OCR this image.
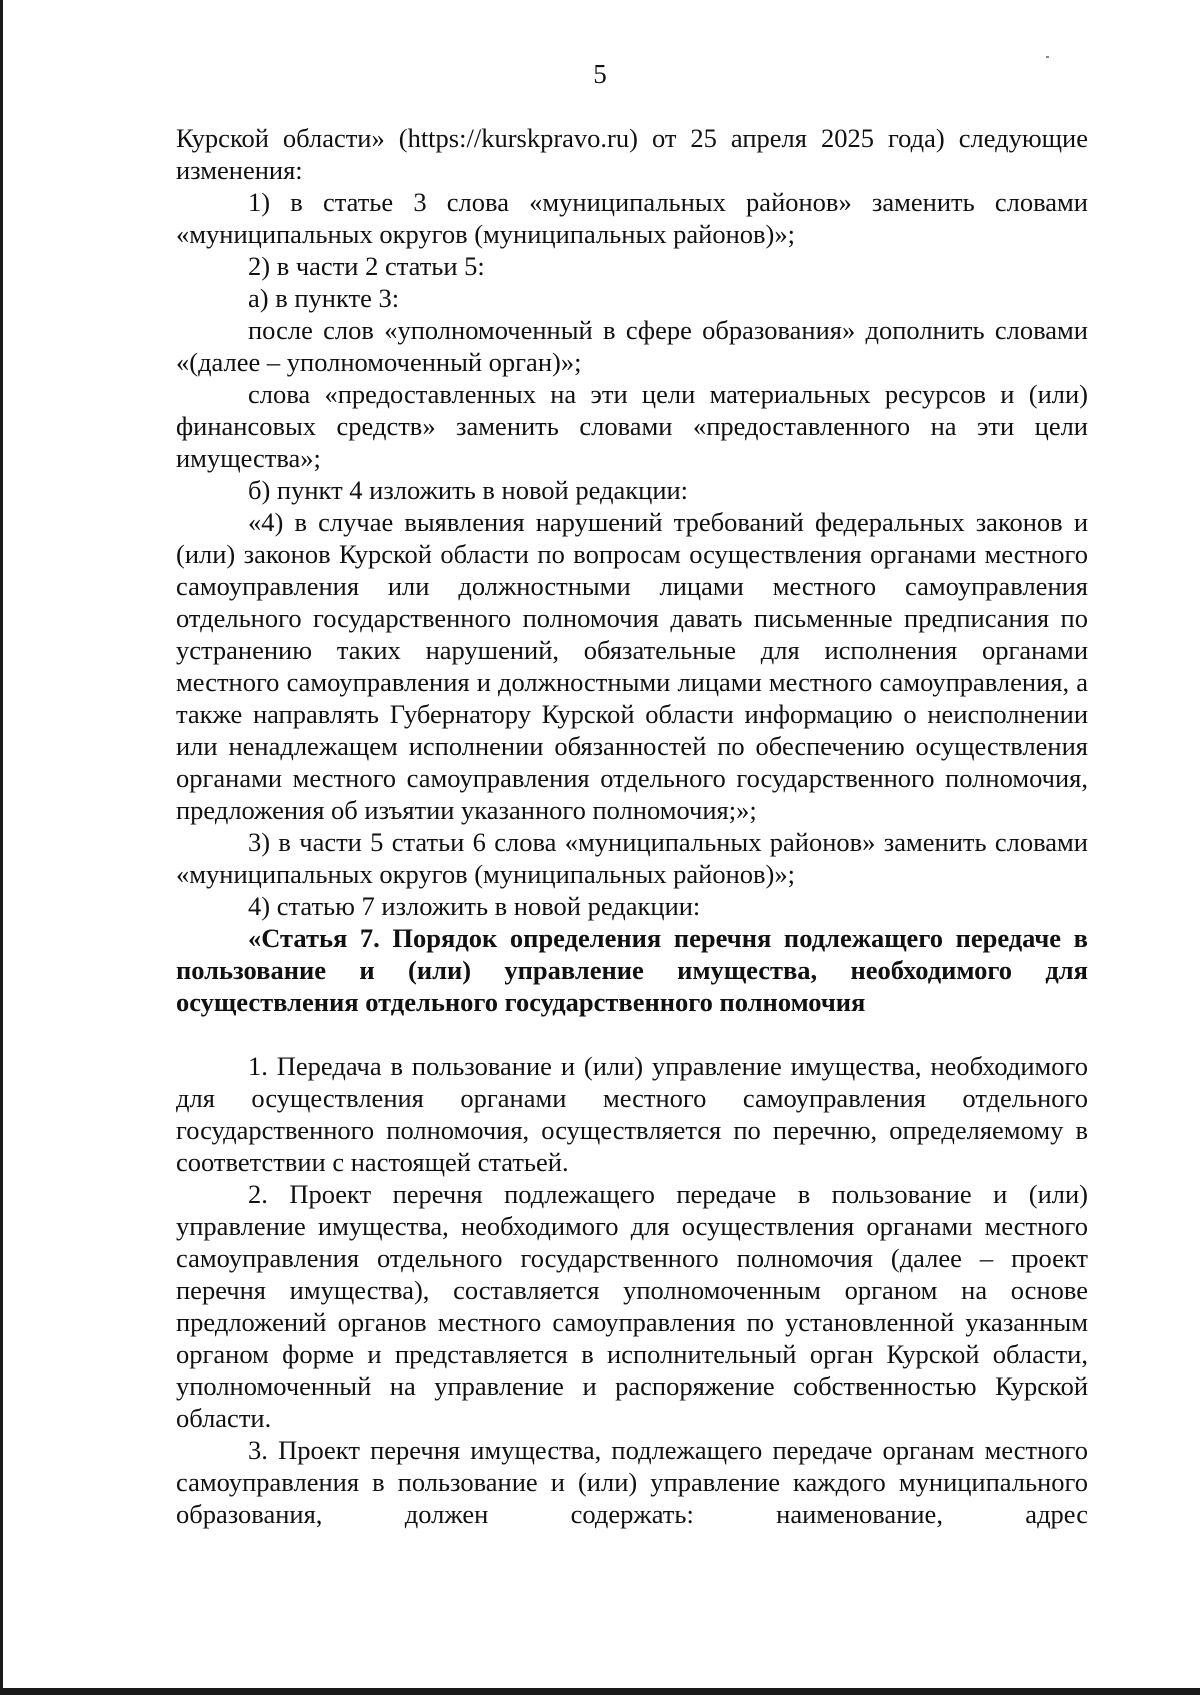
5

Курской области» (https://kurskpravo.ru) от 25 апреля 2025 года) следующие изменения:

1) в статье 3 слова «муниципальных районов» заменить словами «муниципальных округов (муниципальных районов)»;

2) в части 2 статьи 5:

а) в пункте 3:

после слов «уполномоченный в сфере образования» дополнить словами «(далее – уполномоченный орган)»;

слова «предоставленных на эти цели материальных ресурсов и (или) финансовых средств» заменить словами «предоставленного на эти цели имущества»;

б) пункт 4 изложить в новой редакции:

«4) в случае выявления нарушений требований федеральных законов и (или) законов Курской области по вопросам осуществления органами местного самоуправления или должностными лицами местного самоуправления отдельного государственного полномочия давать письменные предписания по устранению таких нарушений, обязательные для исполнения органами местного самоуправления и должностными лицами местного самоуправления, а также направлять Губернатору Курской области информацию о неисполнении или ненадлежащем исполнении обязанностей по обеспечению осуществления органами местного самоуправления отдельного государственного полномочия, предложения об изъятии указанного полномочия;»;

3) в части 5 статьи 6 слова «муниципальных районов» заменить словами «муниципальных округов (муниципальных районов)»;

4) статью 7 изложить в новой редакции:

«Статья 7. Порядок определения перечня подлежащего передаче в пользование и (или) управление имущества, необходимого для осуществления отдельного государственного полномочия

1. Передача в пользование и (или) управление имущества, необходимого для осуществления органами местного самоуправления отдельного государственного полномочия, осуществляется по перечню, определяемому в соответствии с настоящей статьей.

2. Проект перечня подлежащего передаче в пользование и (или) управление имущества, необходимого для осуществления органами местного самоуправления отдельного государственного полномочия (далее – проект перечня имущества), составляется уполномоченным органом на основе предложений органов местного самоуправления по установленной указанным органом форме и представляется в исполнительный орган Курской области, уполномоченный на управление и распоряжение собственностью Курской области.

3. Проект перечня имущества, подлежащего передаче органам местного самоуправления в пользование и (или) управление каждого муниципального образования, должен содержать: наименование, адрес
